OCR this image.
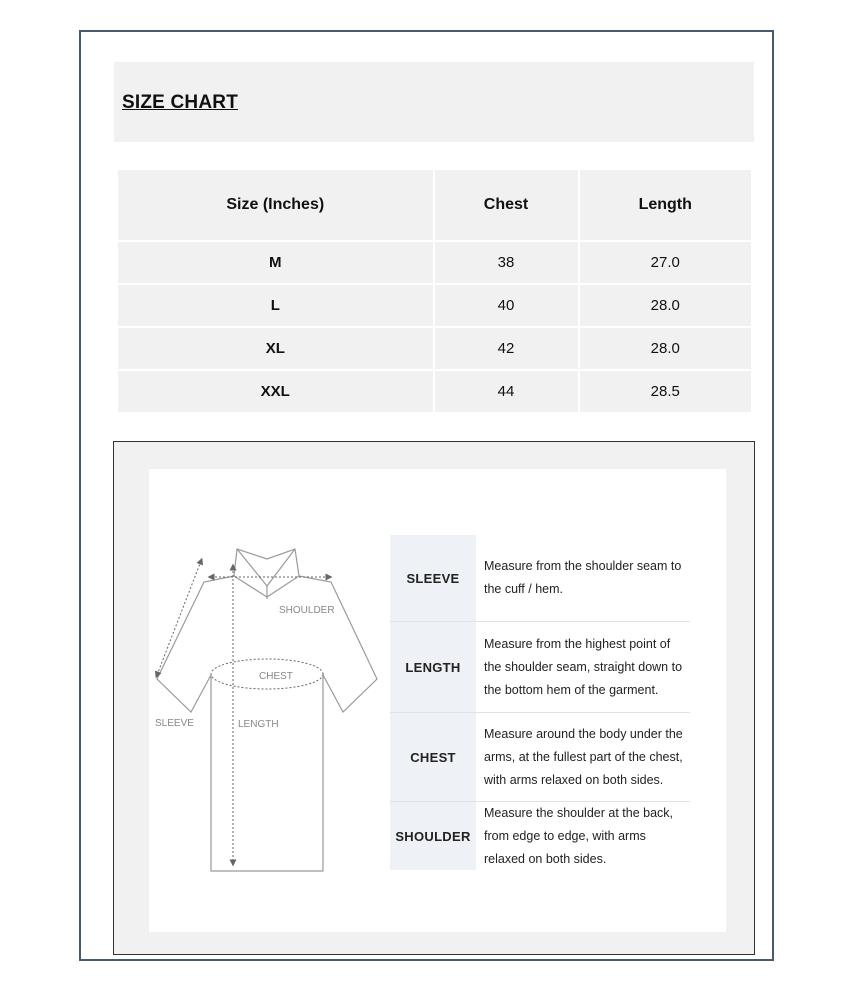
SIZE CHART
Size (Inches)	Chest	Length
M	38	27.0
L	40	28.0
XL	42	28.0
XXL	44	28.5
SHOULDER
CHEST
SLEEVE	LENGTH
SLEEVE
Measure from the shoulder seam to the cuff / hem.
LENGTH
Measure from the highest point of the shoulder seam, straight down to the bottom hem of the garment.
CHEST
Measure around the body under the arms, at the fullest part of the chest, with arms relaxed on both sides.
SHOULDER
Measure the shoulder at the back, from edge to edge, with arms relaxed on both sides.
